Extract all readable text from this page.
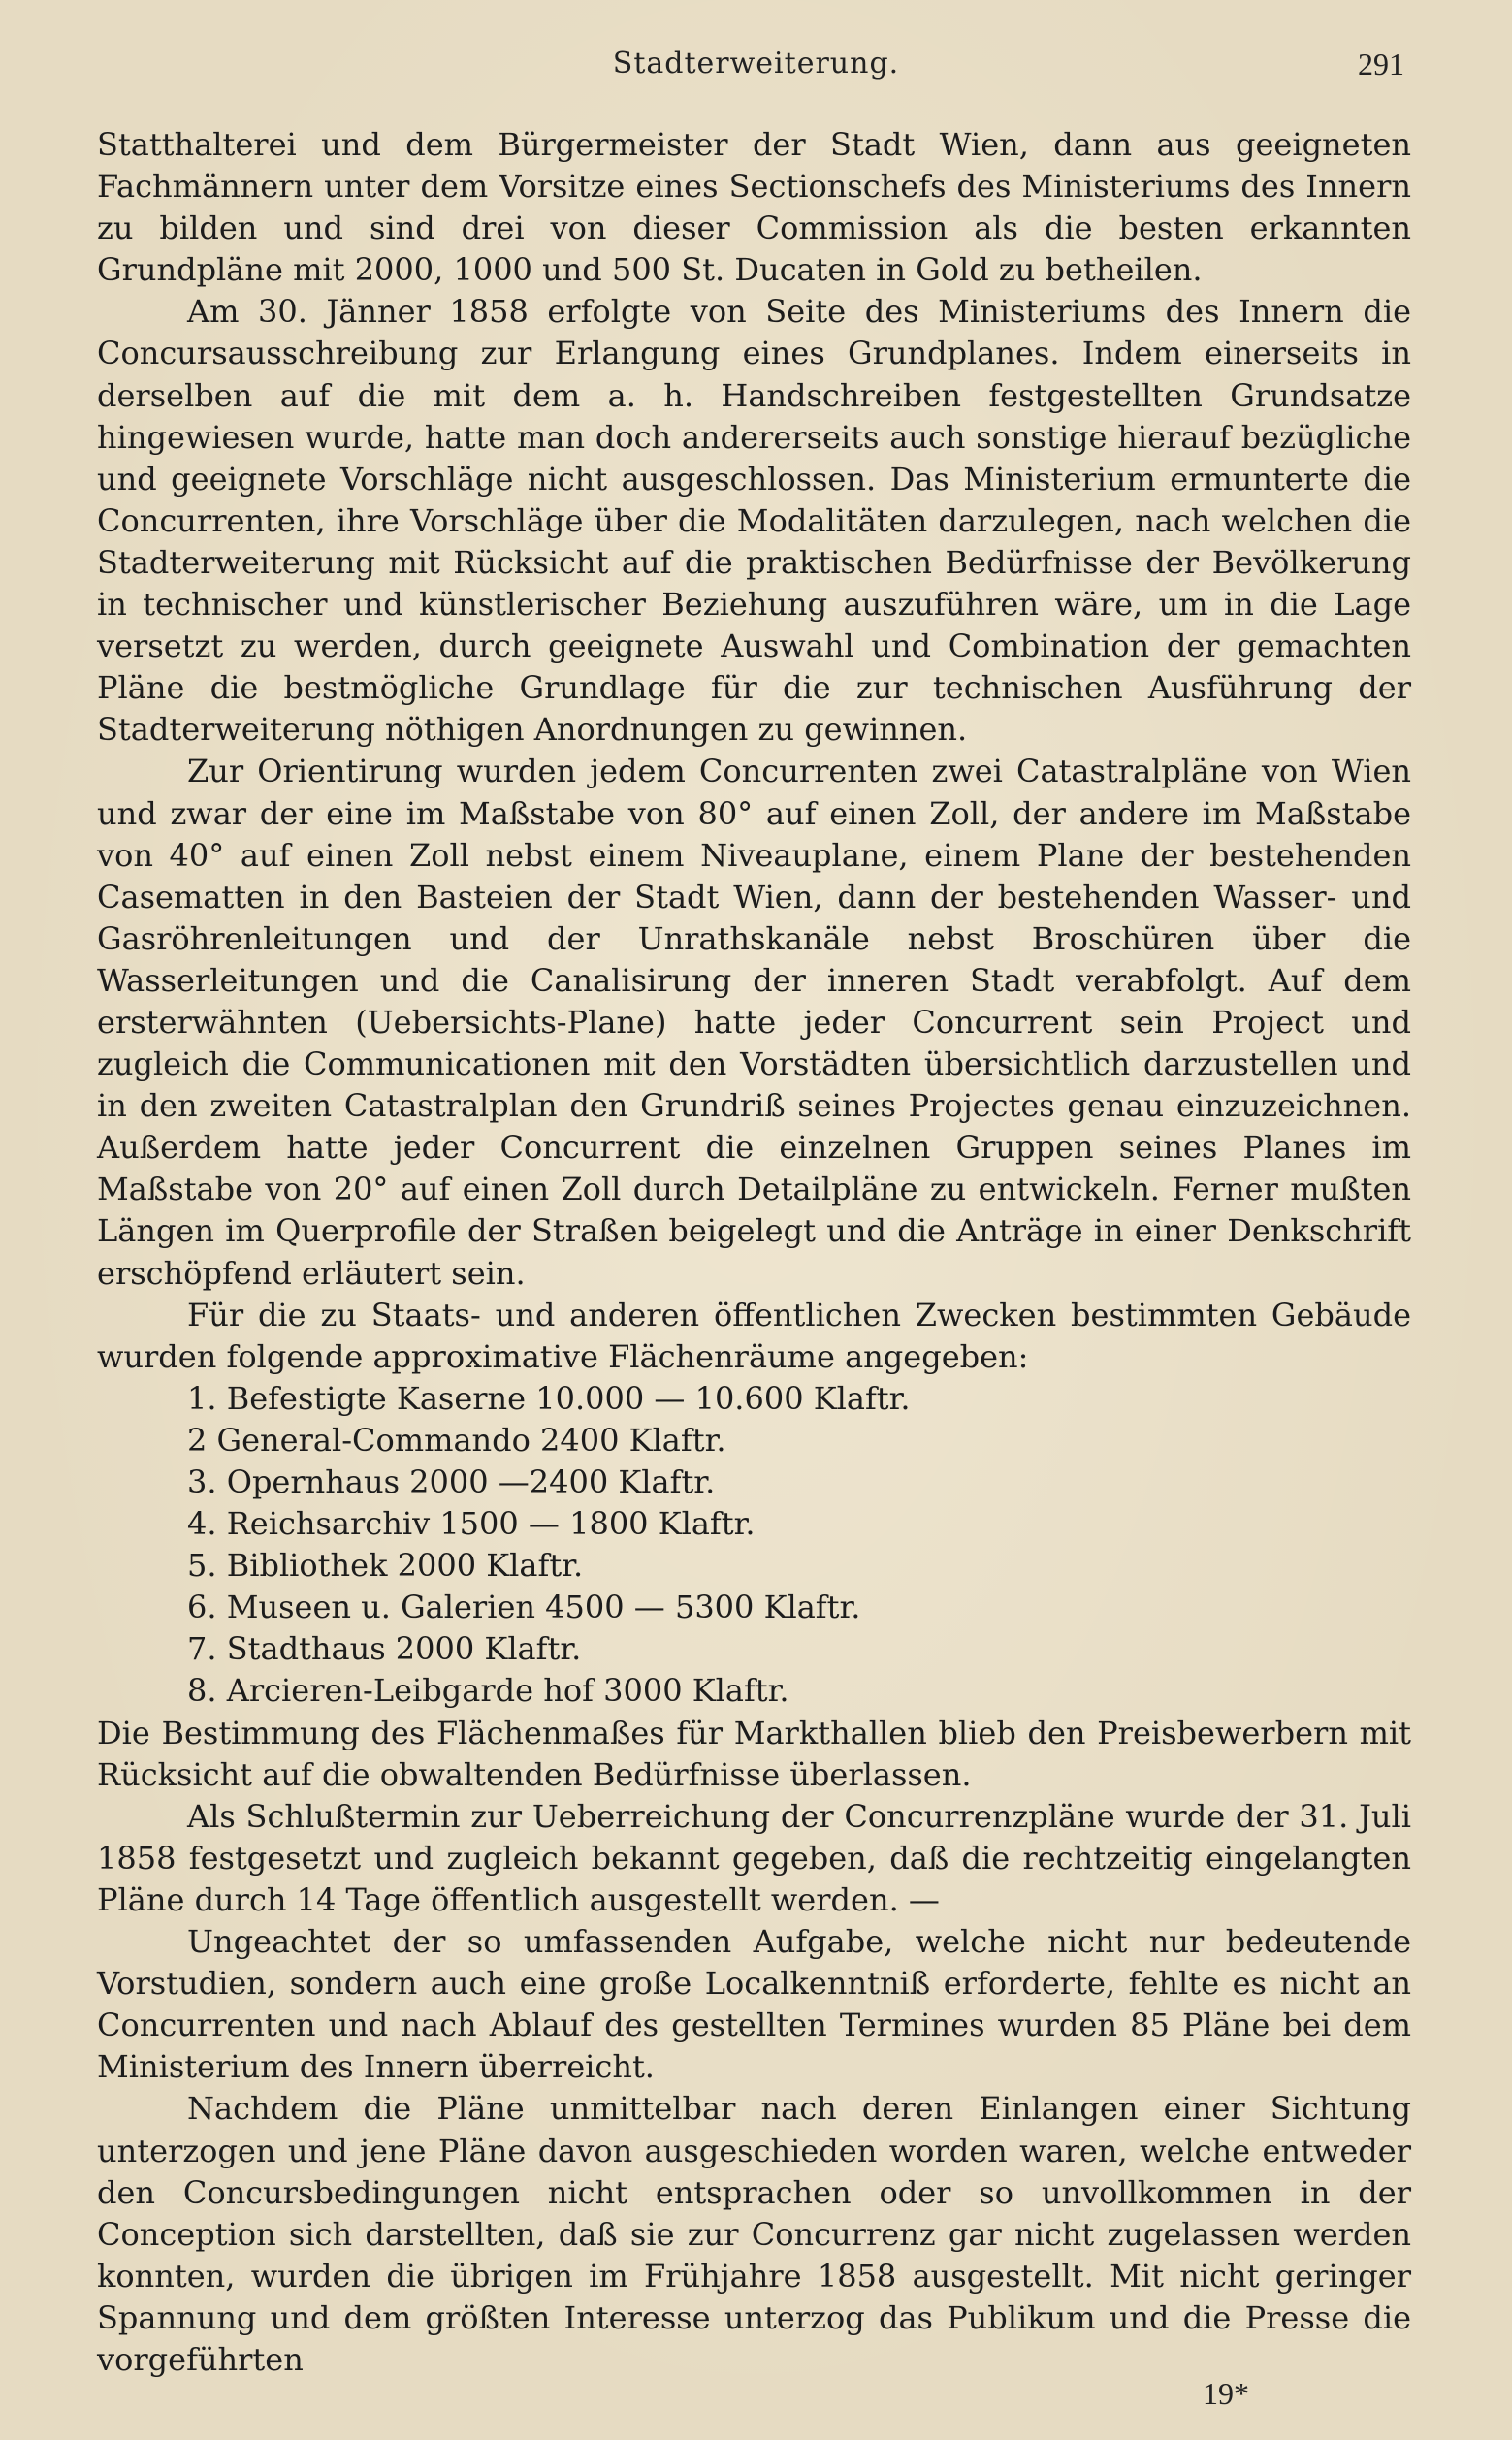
Stadterweiterung.	291

Statthalterei und dem Bürgermeister der Stadt Wien, dann aus geeigneten Fachmännern unter dem Vorsitze eines Sectionschefs des Ministeriums des Innern zu bilden und sind drei von dieser Commission als die besten erkannten Grundpläne mit 2000, 1000 und 500 St. Ducaten in Gold zu betheilen.

Am 30. Jänner 1858 erfolgte von Seite des Ministeriums des Innern die Concursausschreibung zur Erlangung eines Grundplanes. Indem einerseits in derselben auf die mit dem a. h. Handschreiben festgestellten Grundsatze hingewiesen wurde, hatte man doch andererseits auch sonstige hierauf bezügliche und geeignete Vorschläge nicht ausgeschlossen. Das Ministerium ermunterte die Concurrenten, ihre Vorschläge über die Modalitäten darzulegen, nach welchen die Stadterweiterung mit Rücksicht auf die praktischen Bedürfnisse der Bevölkerung in technischer und künstlerischer Beziehung auszuführen wäre, um in die Lage versetzt zu werden, durch geeignete Auswahl und Combination der gemachten Pläne die bestmögliche Grundlage für die zur technischen Ausführung der Stadterweiterung nöthigen Anordnungen zu gewinnen.

Zur Orientirung wurden jedem Concurrenten zwei Catastralpläne von Wien und zwar der eine im Maßstabe von 80° auf einen Zoll, der andere im Maßstabe von 40° auf einen Zoll nebst einem Niveauplane, einem Plane der bestehenden Casematten in den Basteien der Stadt Wien, dann der bestehenden Wasser- und Gasröhrenleitungen und der Unrathskanäle nebst Broschüren über die Wasserleitungen und die Canalisirung der inneren Stadt verabfolgt. Auf dem ersterwähnten (Uebersichts-Plane) hatte jeder Concurrent sein Project und zugleich die Communicationen mit den Vorstädten übersichtlich darzustellen und in den zweiten Catastralplan den Grundriß seines Projectes genau einzuzeichnen. Außerdem hatte jeder Concurrent die einzelnen Gruppen seines Planes im Maßstabe von 20° auf einen Zoll durch Detailpläne zu entwickeln. Ferner mußten Längen im Querprofile der Straßen beigelegt und die Anträge in einer Denkschrift erschöpfend erläutert sein.

Für die zu Staats- und anderen öffentlichen Zwecken bestimmten Gebäude wurden folgende approximative Flächenräume angegeben:

1. Befestigte Kaserne 10.000 — 10.600 Klaftr.
2 General-Commando 2400 Klaftr.
3. Opernhaus 2000 —2400 Klaftr.
4. Reichsarchiv 1500 — 1800 Klaftr.
5. Bibliothek 2000 Klaftr.
6. Museen u. Galerien 4500 — 5300 Klaftr.
7. Stadthaus 2000 Klaftr.
8. Arcieren-Leibgarde hof 3000 Klaftr.

Die Bestimmung des Flächenmaßes für Markthallen blieb den Preisbewerbern mit Rücksicht auf die obwaltenden Bedürfnisse überlassen.

Als Schlußtermin zur Ueberreichung der Concurrenzpläne wurde der 31. Juli 1858 festgesetzt und zugleich bekannt gegeben, daß die rechtzeitig eingelangten Pläne durch 14 Tage öffentlich ausgestellt werden. —

Ungeachtet der so umfassenden Aufgabe, welche nicht nur bedeutende Vorstudien, sondern auch eine große Localkenntniß erforderte, fehlte es nicht an Concurrenten und nach Ablauf des gestellten Termines wurden 85 Pläne bei dem Ministerium des Innern überreicht.

Nachdem die Pläne unmittelbar nach deren Einlangen einer Sichtung unterzogen und jene Pläne davon ausgeschieden worden waren, welche entweder den Concursbedingungen nicht entsprachen oder so unvollkommen in der Conception sich darstellten, daß sie zur Concurrenz gar nicht zugelassen werden konnten, wurden die übrigen im Frühjahre 1858 ausgestellt. Mit nicht geringer Spannung und dem größten Interesse unterzog das Publikum und die Presse die vorgeführten

19*
